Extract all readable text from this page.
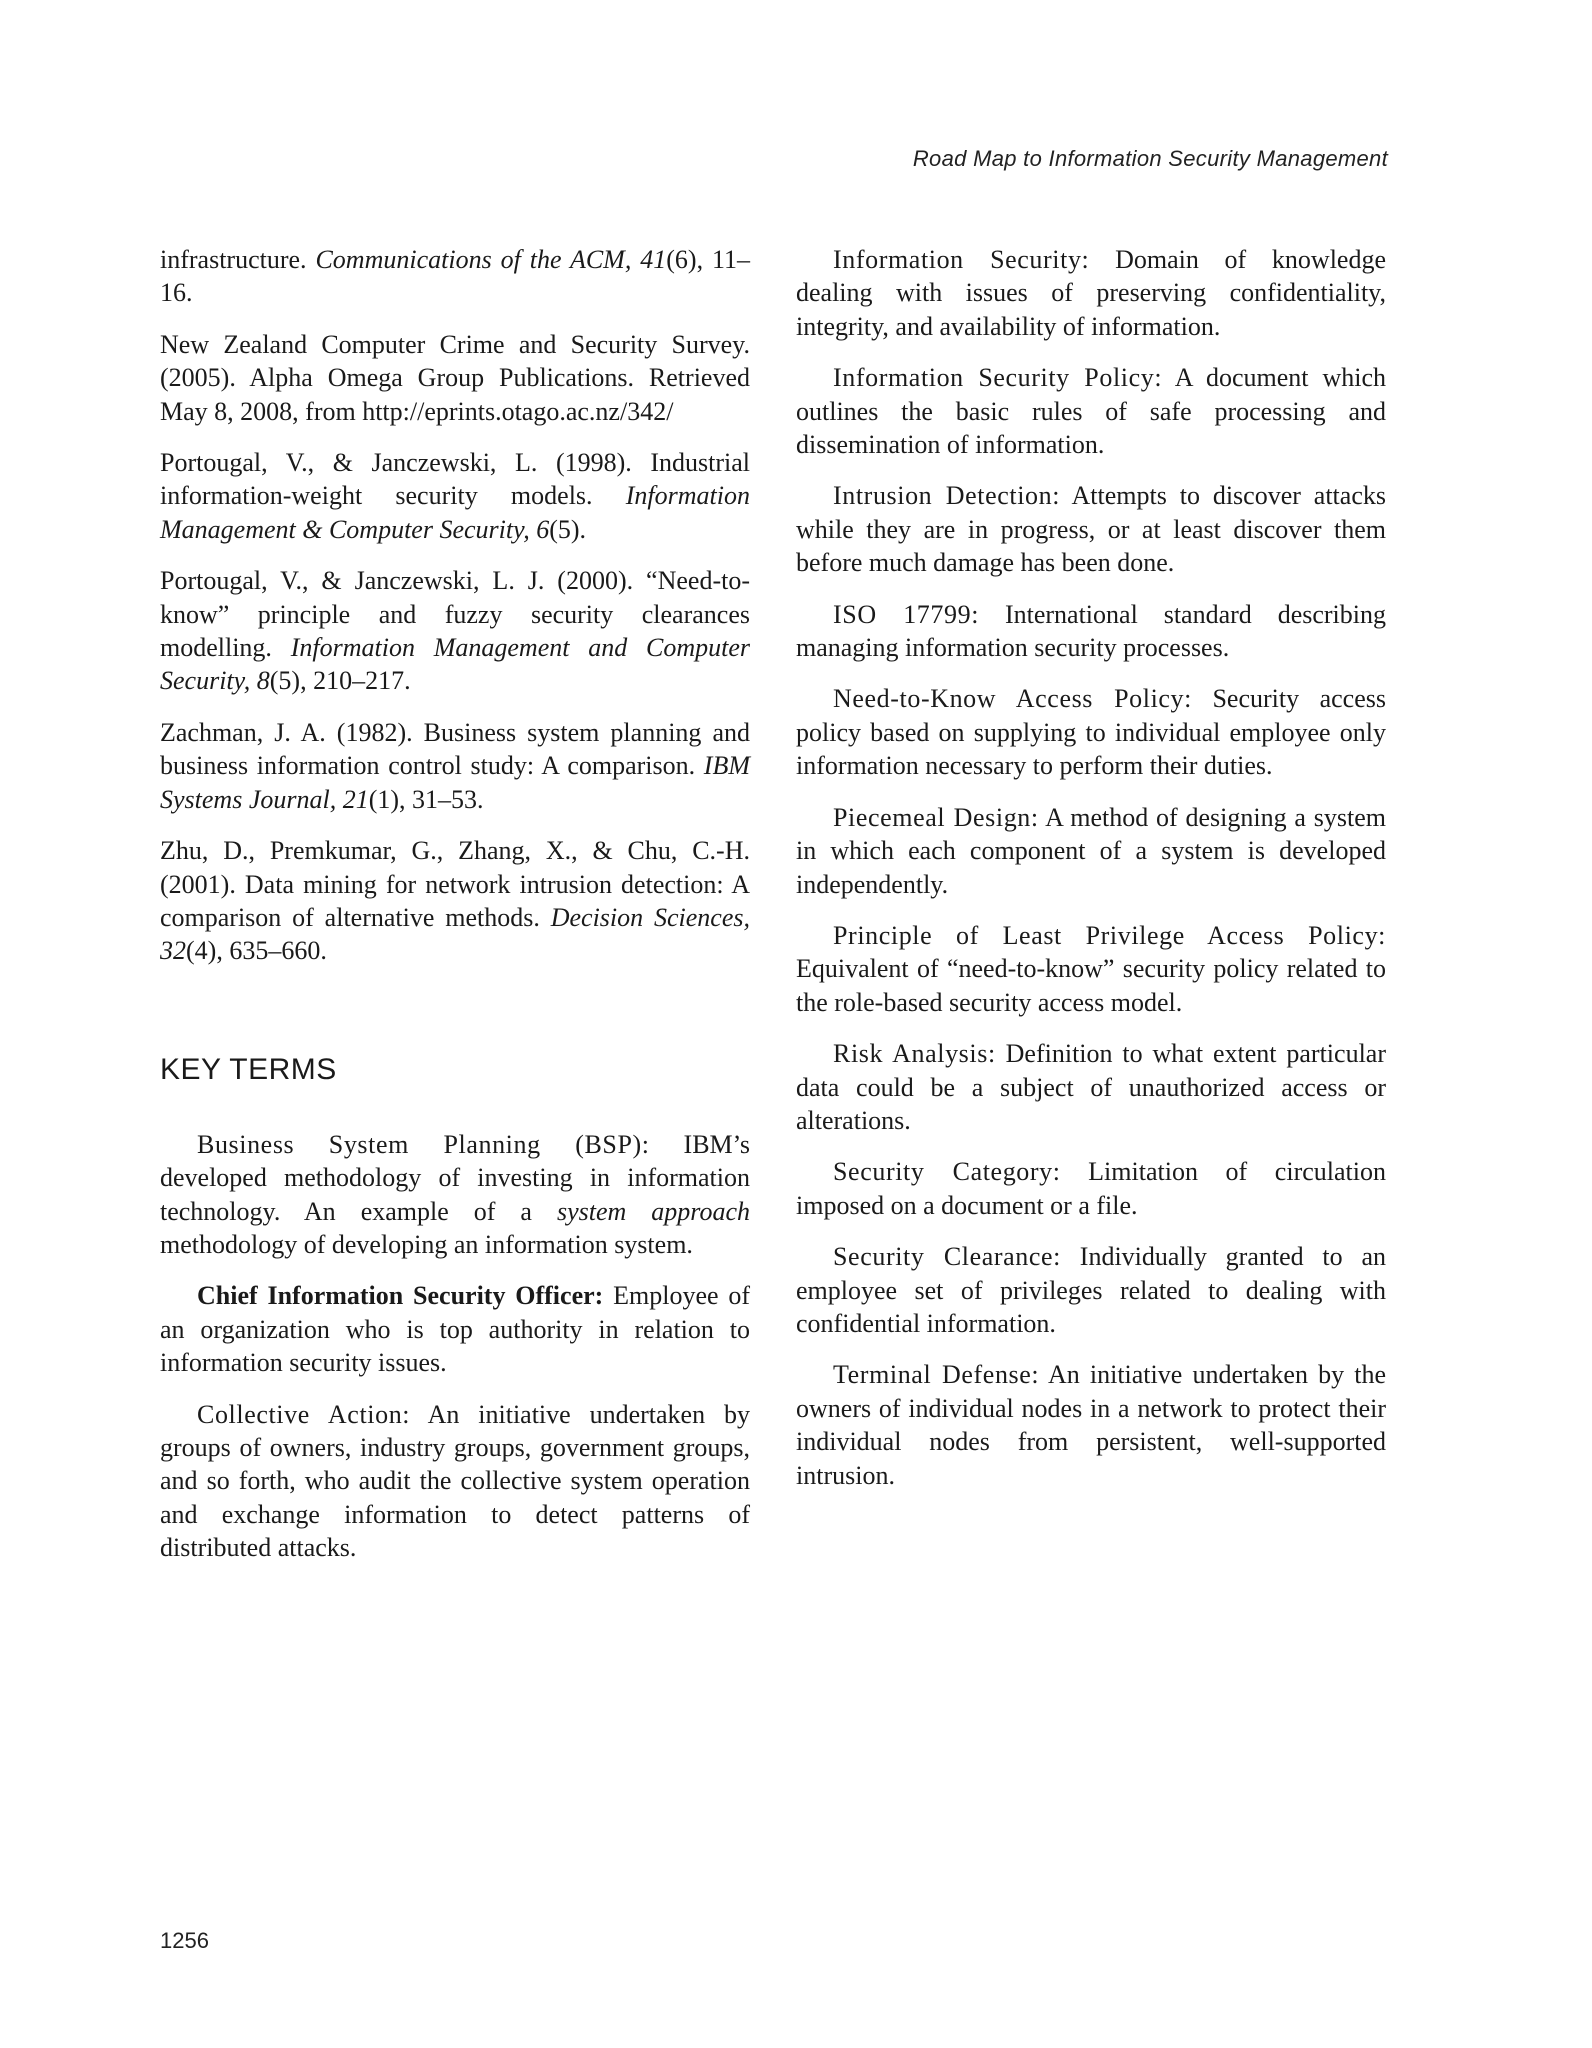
Road Map to Information Security Management

infrastructure. Communications of the ACM, 41(6), 11–16.

New Zealand Computer Crime and Security Survey. (2005). Alpha Omega Group Publications. Retrieved May 8, 2008, from http://eprints.otago.ac.nz/342/

Portougal, V., & Janczewski, L. (1998). Industrial information-weight security models. Information Management & Computer Security, 6(5).

Portougal, V., & Janczewski, L. J. (2000). “Need-to-know” principle and fuzzy security clearances modelling. Information Management and Computer Security, 8(5), 210–217.

Zachman, J. A. (1982). Business system planning and business information control study: A comparison. IBM Systems Journal, 21(1), 31–53.

Zhu, D., Premkumar, G., Zhang, X., & Chu, C.-H. (2001). Data mining for network intrusion detection: A comparison of alternative methods. Decision Sciences, 32(4), 635–660.

KEY TERMS

Business System Planning (BSP): IBM’s developed methodology of investing in information technology. An example of a system approach methodology of developing an information system.

Chief Information Security Officer: Employee of an organization who is top authority in relation to information security issues.

Collective Action: An initiative undertaken by groups of owners, industry groups, government groups, and so forth, who audit the collective system operation and exchange information to detect patterns of distributed attacks.

Information Security: Domain of knowledge dealing with issues of preserving confidentiality, integrity, and availability of information.

Information Security Policy: A document which outlines the basic rules of safe processing and dissemination of information.

Intrusion Detection: Attempts to discover attacks while they are in progress, or at least discover them before much damage has been done.

ISO 17799: International standard describing managing information security processes.

Need-to-Know Access Policy: Security access policy based on supplying to individual employee only information necessary to perform their duties.

Piecemeal Design: A method of designing a system in which each component of a system is developed independently.

Principle of Least Privilege Access Policy: Equivalent of “need-to-know” security policy related to the role-based security access model.

Risk Analysis: Definition to what extent particular data could be a subject of unauthorized access or alterations.

Security Category: Limitation of circulation imposed on a document or a file.

Security Clearance: Individually granted to an employee set of privileges related to dealing with confidential information.

Terminal Defense: An initiative undertaken by the owners of individual nodes in a network to protect their individual nodes from persistent, well-supported intrusion.

1256
